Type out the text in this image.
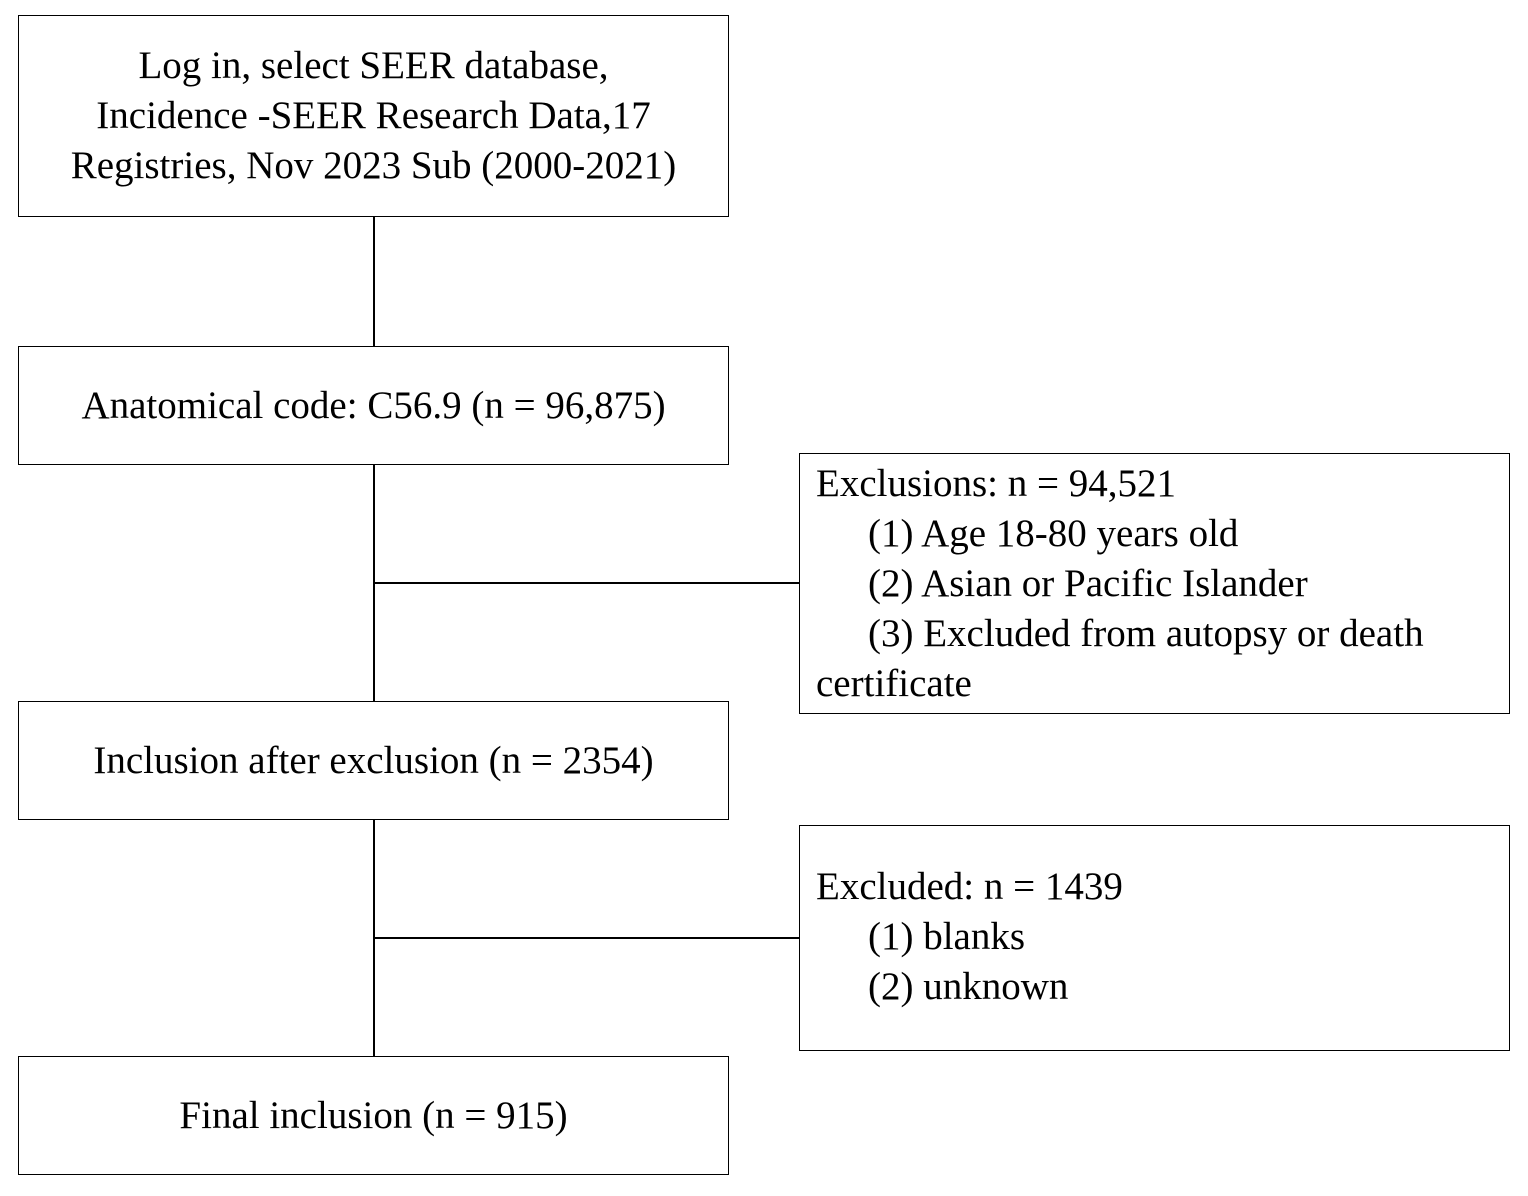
Log in, select SEER database,
Incidence -SEER Research Data,17
Registries, Nov 2023 Sub (2000-2021)
Anatomical code: C56.9 (n = 96,875)
Exclusions: n = 94,521
(1) Age 18-80 years old
(2) Asian or Pacific Islander
(3) Excluded from autopsy or death
certificate
Inclusion after exclusion (n = 2354)
Excluded: n = 1439
(1) blanks
(2) unknown
Final inclusion (n = 915)
